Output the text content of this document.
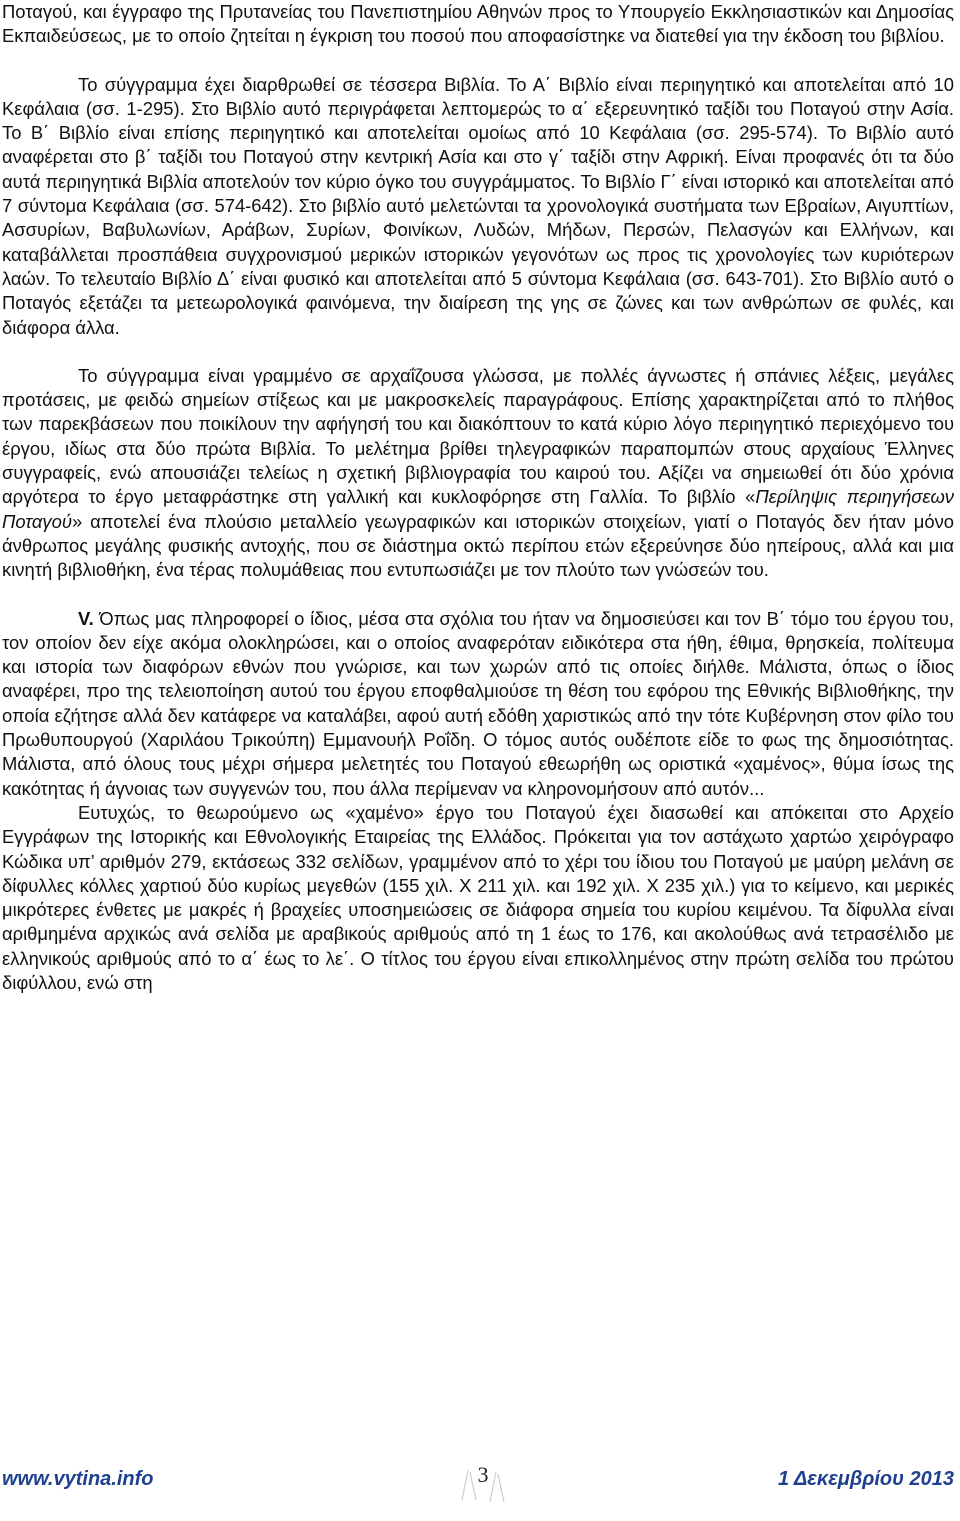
Ποταγού, και έγγραφο της Πρυτανείας του Πανεπιστημίου Αθηνών προς το Υπουργείο Εκκλησιαστικών και Δημοσίας Εκπαιδεύσεως, με το οποίο ζητείται η έγκριση του ποσού που αποφασίστηκε να διατεθεί για την έκδοση του βιβλίου.

Το σύγγραμμα έχει διαρθρωθεί σε τέσσερα Βιβλία. Το Α΄ Βιβλίο είναι περιηγητικό και αποτελείται από 10 Κεφάλαια (σσ. 1-295). Στο Βιβλίο αυτό περιγράφεται λεπτομερώς το α΄ εξερευνητικό ταξίδι του Ποταγού στην Ασία. Το Β΄ Βιβλίο είναι επίσης περιηγητικό και αποτελείται ομοίως από 10 Κεφάλαια (σσ. 295-574). Το Βιβλίο αυτό αναφέρεται στο β΄ ταξίδι του Ποταγού στην κεντρική Ασία και στο γ΄ ταξίδι στην Αφρική. Είναι προφανές ότι τα δύο αυτά περιηγητικά Βιβλία αποτελούν τον κύριο όγκο του συγγράμματος. Το Βιβλίο Γ΄ είναι ιστορικό και αποτελείται από 7 σύντομα Κεφάλαια (σσ. 574-642). Στο βιβλίο αυτό μελετώνται τα χρονολογικά συστήματα των Εβραίων, Αιγυπτίων, Ασσυρίων, Βαβυλωνίων, Αράβων, Συρίων, Φοινίκων, Λυδών, Μήδων, Περσών, Πελασγών και Ελλήνων, και καταβάλλεται προσπάθεια συγχρονισμού μερικών ιστορικών γεγονότων ως προς τις χρονολογίες των κυριότερων λαών. Το τελευταίο Βιβλίο Δ΄ είναι φυσικό και αποτελείται από 5 σύντομα Κεφάλαια (σσ. 643-701). Στο Βιβλίο αυτό ο Ποταγός εξετάζει τα μετεωρολογικά φαινόμενα, την διαίρεση της γης σε ζώνες και των ανθρώπων σε φυλές, και διάφορα άλλα.

Το σύγγραμμα είναι γραμμένο σε αρχαΐζουσα γλώσσα, με πολλές άγνωστες ή σπάνιες λέξεις, μεγάλες προτάσεις, με φειδώ σημείων στίξεως και με μακροσκελείς παραγράφους. Επίσης χαρακτηρίζεται από το πλήθος των παρεκβάσεων που ποικίλουν την αφήγησή του και διακόπτουν το κατά κύριο λόγο περιηγητικό περιεχόμενο του έργου, ιδίως στα δύο πρώτα Βιβλία. Το μελέτημα βρίθει τηλεγραφικών παραπομπών στους αρχαίους Έλληνες συγγραφείς, ενώ απουσιάζει τελείως η σχετική βιβλιογραφία του καιρού του. Αξίζει να σημειωθεί ότι δύο χρόνια αργότερα το έργο μεταφράστηκε στη γαλλική και κυκλοφόρησε στη Γαλλία. Το βιβλίο «Περίληψις περιηγήσεων Ποταγού» αποτελεί ένα πλούσιο μεταλλείο γεωγραφικών και ιστορικών στοιχείων, γιατί ο Ποταγός δεν ήταν μόνο άνθρωπος μεγάλης φυσικής αντοχής, που σε διάστημα οκτώ περίπου ετών εξερεύνησε δύο ηπείρους, αλλά και μια κινητή βιβλιοθήκη, ένα τέρας πολυμάθειας που εντυπωσιάζει με τον πλούτο των γνώσεών του.

V. Όπως μας πληροφορεί ο ίδιος, μέσα στα σχόλια του ήταν να δημοσιεύσει και τον Β΄ τόμο του έργου του, τον οποίον δεν είχε ακόμα ολοκληρώσει, και ο οποίος αναφερόταν ειδικότερα στα ήθη, έθιμα, θρησκεία, πολίτευμα και ιστορία των διαφόρων εθνών που γνώρισε, και των χωρών από τις οποίες διήλθε. Μάλιστα, όπως ο ίδιος αναφέρει, προ της τελειοποίηση αυτού του έργου εποφθαλμιούσε τη θέση του εφόρου της Εθνικής Βιβλιοθήκης, την οποία εζήτησε αλλά δεν κατάφερε να καταλάβει, αφού αυτή εδόθη χαριστικώς από την τότε Κυβέρνηση στον φίλο του Πρωθυπουργού (Χαριλάου Τρικούπη) Εμμανουήλ Ροΐδη. Ο τόμος αυτός ουδέποτε είδε το φως της δημοσιότητας. Μάλιστα, από όλους τους μέχρι σήμερα μελετητές του Ποταγού εθεωρήθη ως οριστικά «χαμένος», θύμα ίσως της κακότητας ή άγνοιας των συγγενών του, που άλλα περίμεναν να κληρονομήσουν από αυτόν...

Ευτυχώς, το θεωρούμενο ως «χαμένο» έργο του Ποταγού έχει διασωθεί και απόκειται στο Αρχείο Εγγράφων της Ιστορικής και Εθνολογικής Εταιρείας της Ελλάδος. Πρόκειται για τον αστάχωτο χαρτώο χειρόγραφο Κώδικα υπ’ αριθμόν 279, εκτάσεως 332 σελίδων, γραμμένον από το χέρι του ίδιου του Ποταγού με μαύρη μελάνη σε δίφυλλες κόλλες χαρτιού δύο κυρίως μεγεθών (155 χιλ. Χ 211 χιλ. και 192 χιλ. Χ 235 χιλ.) για το κείμενο, και μερικές μικρότερες ένθετες με μακρές ή βραχείες υποσημειώσεις σε διάφορα σημεία του κυρίου κειμένου. Τα δίφυλλα είναι αριθμημένα αρχικώς ανά σελίδα με αραβικούς αριθμούς από τη 1 έως το 176, και ακολούθως ανά τετρασέλιδο με ελληνικούς αριθμούς από το α΄ έως το λε΄. Ο τίτλος του έργου είναι επικολλημένος στην πρώτη σελίδα του πρώτου διφύλλου, ενώ στη

www.vytina.info	3	1 Δεκεμβρίου 2013
